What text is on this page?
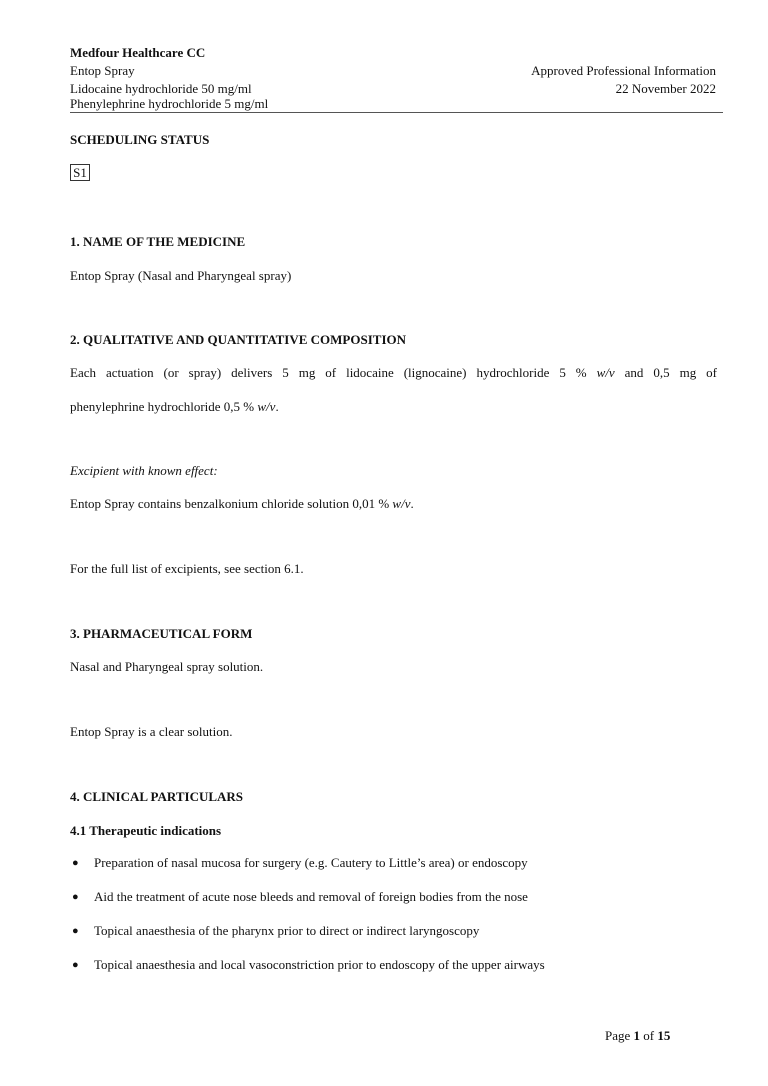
Medfour Healthcare CC
Entop Spray
Lidocaine hydrochloride 50 mg/ml
Phenylephrine hydrochloride 5 mg/ml
Approved Professional Information
22 November 2022
SCHEDULING STATUS
S1
1. NAME OF THE MEDICINE
Entop Spray (Nasal and Pharyngeal spray)
2. QUALITATIVE AND QUANTITATIVE COMPOSITION
Each actuation (or spray) delivers 5 mg of lidocaine (lignocaine) hydrochloride 5 % w/v and 0,5 mg of
phenylephrine hydrochloride 0,5 % w/v.
Excipient with known effect:
Entop Spray contains benzalkonium chloride solution 0,01 % w/v.
For the full list of excipients, see section 6.1.
3. PHARMACEUTICAL FORM
Nasal and Pharyngeal spray solution.
Entop Spray is a clear solution.
4. CLINICAL PARTICULARS
4.1 Therapeutic indications
● Preparation of nasal mucosa for surgery (e.g. Cautery to Little’s area) or endoscopy
● Aid the treatment of acute nose bleeds and removal of foreign bodies from the nose
● Topical anaesthesia of the pharynx prior to direct or indirect laryngoscopy
● Topical anaesthesia and local vasoconstriction prior to endoscopy of the upper airways
Page 1 of 15
